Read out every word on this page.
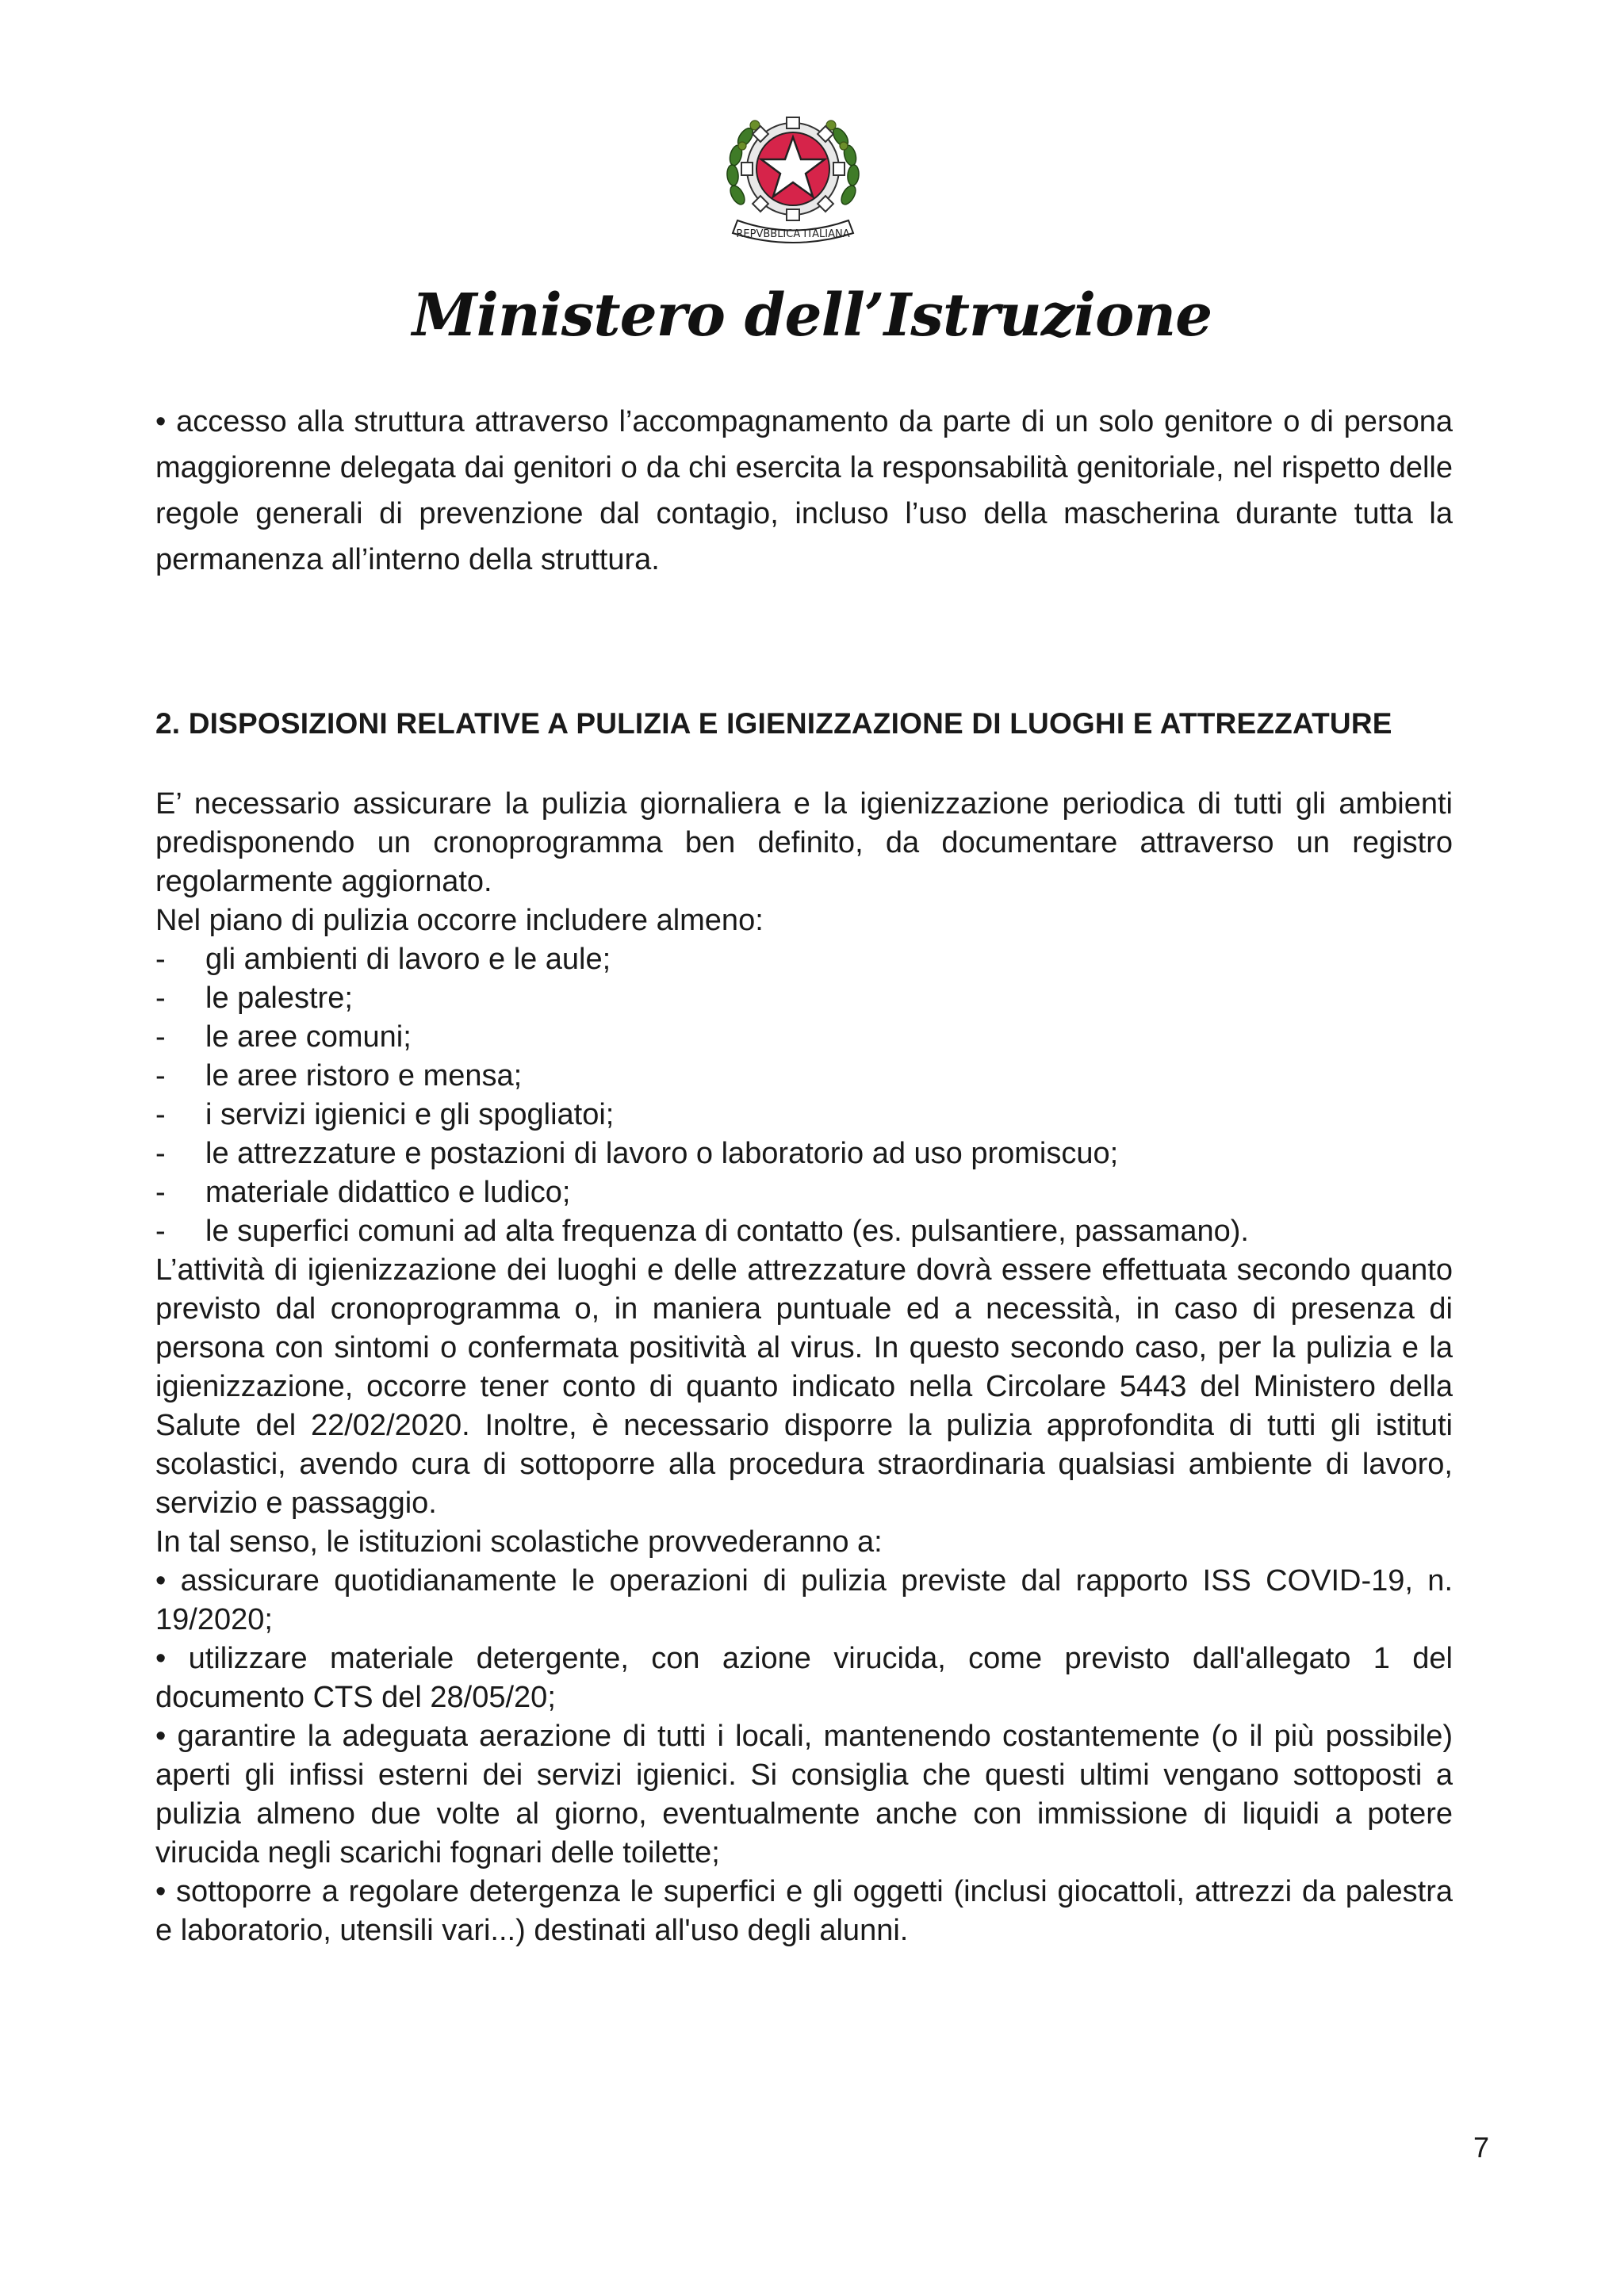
REPVBBLICA ITALIANA
Ministero dell’Istruzione
• accesso alla struttura attraverso l’accompagnamento da parte di un solo genitore o di persona maggiorenne delegata dai genitori o da chi esercita la responsabilità genitoriale, nel rispetto delle regole generali di prevenzione dal contagio, incluso l’uso della mascherina durante tutta la permanenza all’interno della struttura.
2. DISPOSIZIONI RELATIVE A PULIZIA E IGIENIZZAZIONE DI LUOGHI E ATTREZZATURE

E’ necessario assicurare la pulizia giornaliera e la igienizzazione periodica di tutti gli ambienti predisponendo un cronoprogramma ben definito, da documentare attraverso un registro regolarmente aggiornato.

Nel piano di pulizia occorre includere almeno:

- gli ambienti di lavoro e le aule;
- le palestre;
- le aree comuni;
- le aree ristoro e mensa;
- i servizi igienici e gli spogliatoi;
- le attrezzature e postazioni di lavoro o laboratorio ad uso promiscuo;
- materiale didattico e ludico;
- le superfici comuni ad alta frequenza di contatto (es. pulsantiere, passamano).

L’attività di igienizzazione dei luoghi e delle attrezzature dovrà essere effettuata secondo quanto previsto dal cronoprogramma o, in maniera puntuale ed a necessità, in caso di presenza di persona con sintomi o confermata positività al virus. In questo secondo caso, per la pulizia e la igienizzazione, occorre tener conto di quanto indicato nella Circolare 5443 del Ministero della Salute del 22/02/2020. Inoltre, è necessario disporre la pulizia approfondita di tutti gli istituti scolastici, avendo cura di sottoporre alla procedura straordinaria qualsiasi ambiente di lavoro, servizio e passaggio.

In tal senso, le istituzioni scolastiche provvederanno a:

• assicurare quotidianamente le operazioni di pulizia previste dal rapporto ISS COVID-19, n. 19/2020;

• utilizzare materiale detergente, con azione virucida, come previsto dall'allegato 1 del documento CTS del 28/05/20;

• garantire la adeguata aerazione di tutti i locali, mantenendo costantemente (o il più possibile) aperti gli infissi esterni dei servizi igienici. Si consiglia che questi ultimi vengano sottoposti a pulizia almeno due volte al giorno, eventualmente anche con immissione di liquidi a potere virucida negli scarichi fognari delle toilette;

• sottoporre a regolare detergenza le superfici e gli oggetti (inclusi giocattoli, attrezzi da palestra e laboratorio, utensili vari...) destinati all'uso degli alunni.

7
